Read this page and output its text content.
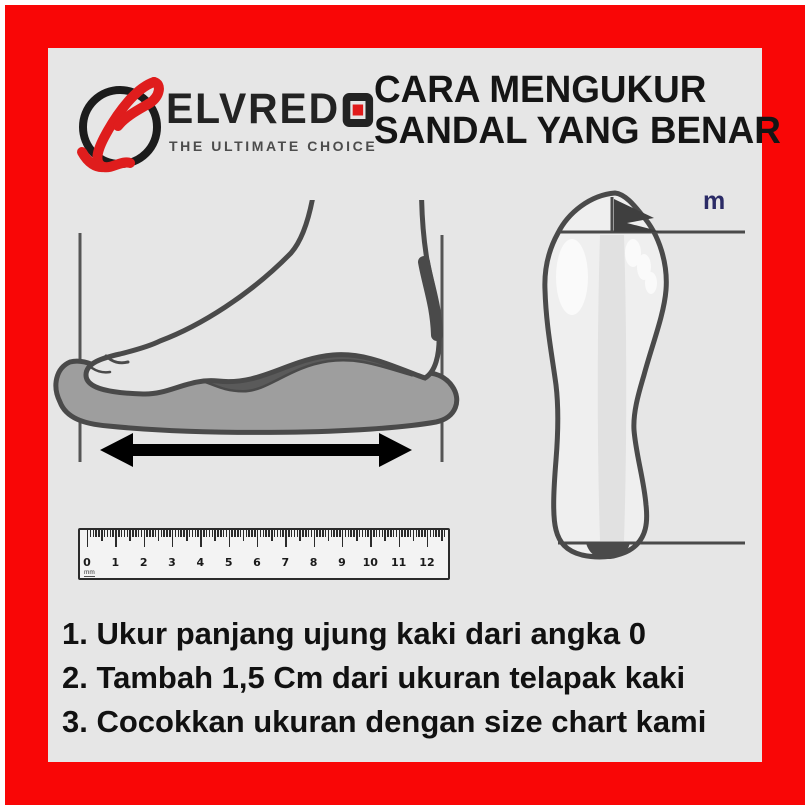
ELVRED
THE ULTIMATE CHOICE
CARA MENGUKUR
SANDAL YANG BENAR
0 1 2 3 4 5 6 7 8 9 10 11 12
mm
m
1. Ukur panjang ujung kaki dari angka 0
2. Tambah 1,5 Cm dari ukuran telapak kaki
3. Cocokkan ukuran dengan size chart kami
